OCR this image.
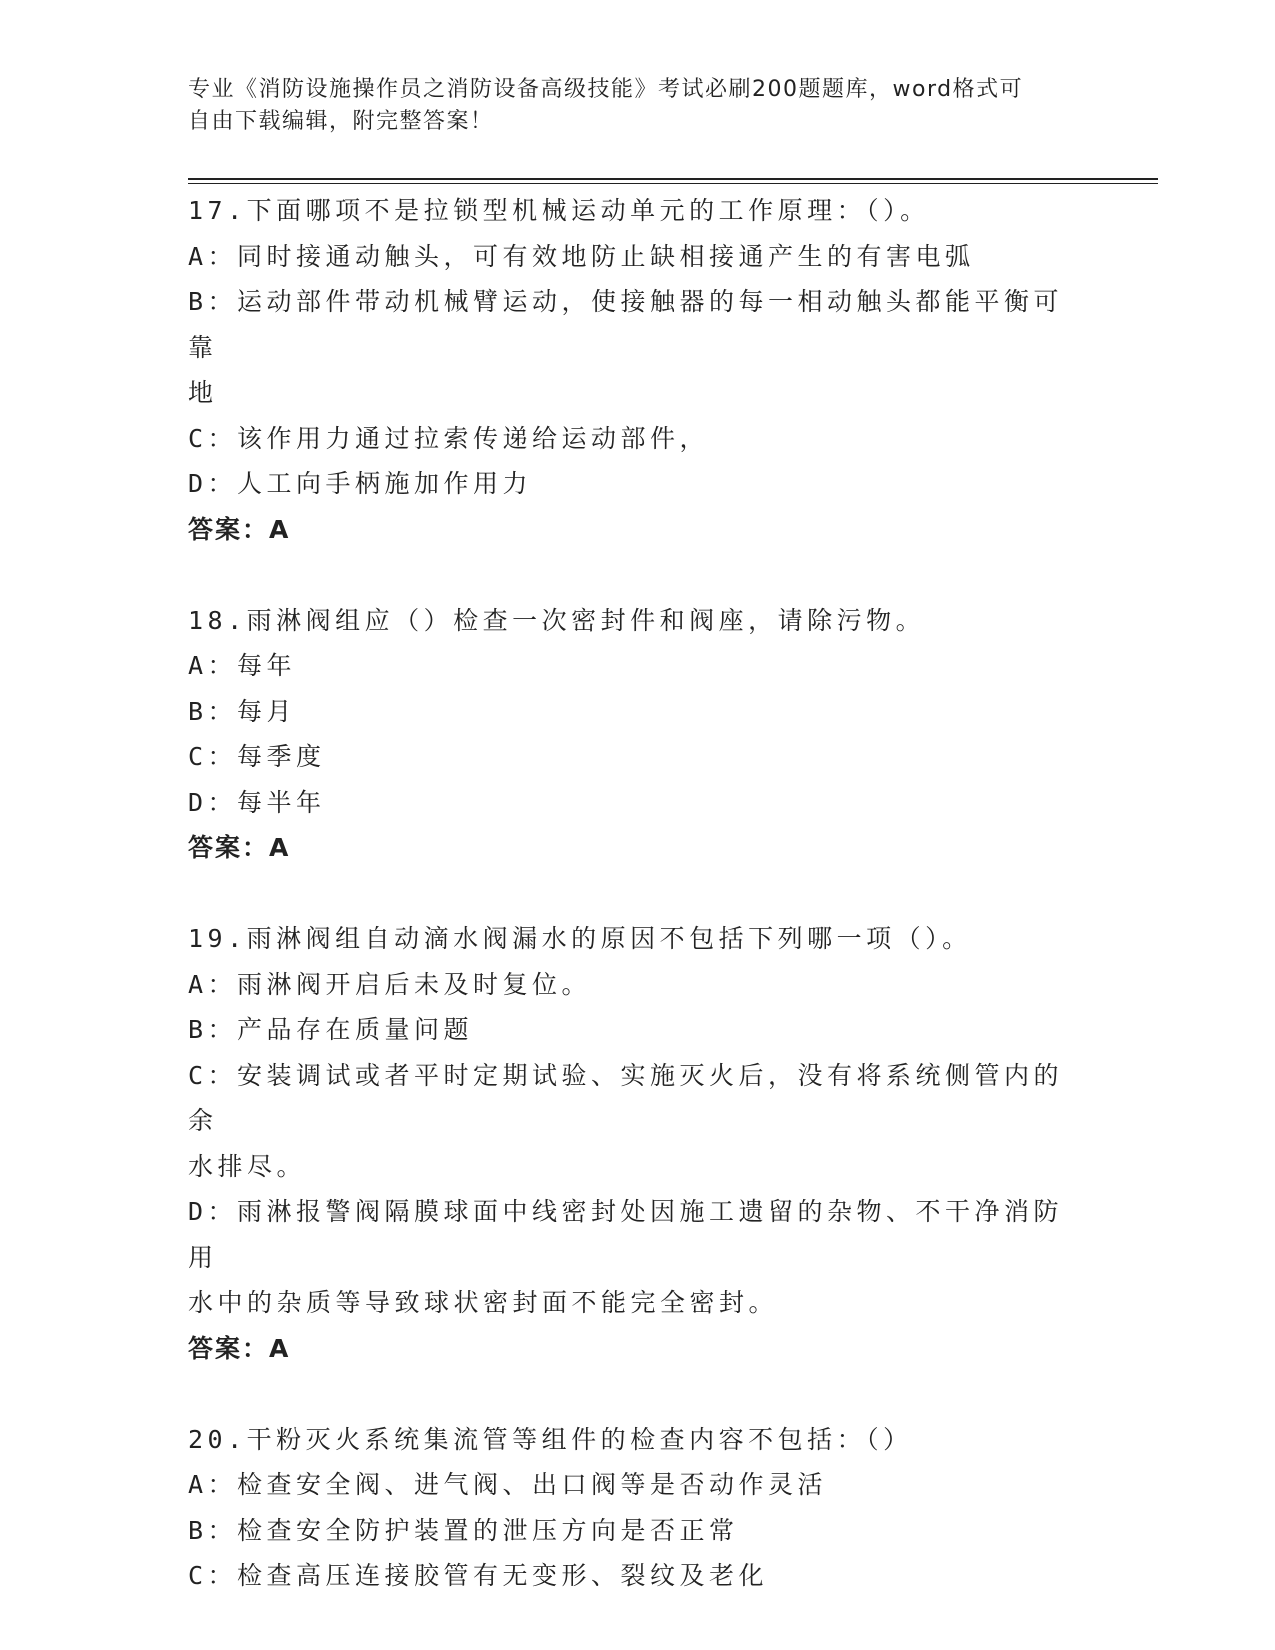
专业《消防设施操作员之消防设备高级技能》考试必刷200题题库，word格式可
自由下载编辑，附完整答案！

17.下面哪项不是拉锁型机械运动单元的工作原理：（）。

A：同时接通动触头，可有效地防止缺相接通产生的有害电弧

B：运动部件带动机械臂运动，使接触器的每一相动触头都能平衡可靠

地

C：该作用力通过拉索传递给运动部件，

D：人工向手柄施加作用力

答案：A

18.雨淋阀组应（）检查一次密封件和阀座，请除污物。

A：每年

B：每月

C：每季度

D：每半年

答案：A

19.雨淋阀组自动滴水阀漏水的原因不包括下列哪一项（）。

A：雨淋阀开启后未及时复位。

B：产品存在质量问题

C：安装调试或者平时定期试验、实施灭火后，没有将系统侧管内的余

水排尽。

D：雨淋报警阀隔膜球面中线密封处因施工遗留的杂物、不干净消防用

水中的杂质等导致球状密封面不能完全密封。

答案：A

20.干粉灭火系统集流管等组件的检查内容不包括：（）

A：检查安全阀、进气阀、出口阀等是否动作灵活

B：检查安全防护装置的泄压方向是否正常

C：检查高压连接胶管有无变形、裂纹及老化
